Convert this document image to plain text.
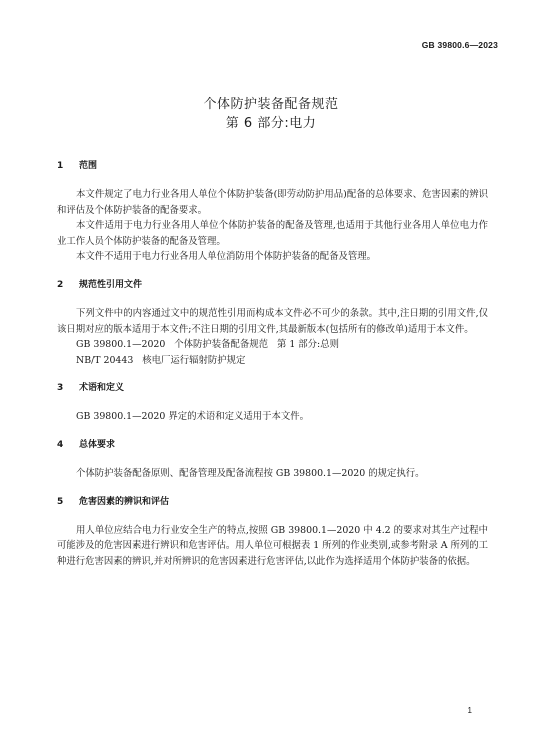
GB 39800.6—2023
个体防护装备配备规范
第 6 部分:电力
1	范围

本文件规定了电力行业各用人单位个体防护装备(即劳动防护用品)配备的总体要求、危害因素的辨识和评估及个体防护装备的配备要求。

本文件适用于电力行业各用人单位个体防护装备的配备及管理,也适用于其他行业各用人单位电力作业工作人员个体防护装备的配备及管理。

本文件不适用于电力行业各用人单位消防用个体防护装备的配备及管理。

2	规范性引用文件

下列文件中的内容通过文中的规范性引用而构成本文件必不可少的条款。其中,注日期的引用文件,仅该日期对应的版本适用于本文件;不注日期的引用文件,其最新版本(包括所有的修改单)适用于本文件。

GB 39800.1—2020   个体防护装备配备规范   第 1 部分:总则
NB/T 20443   核电厂运行辐射防护规定
3	术语和定义

GB 39800.1—2020 界定的术语和定义适用于本文件。

4	总体要求

个体防护装备配备原则、配备管理及配备流程按 GB 39800.1—2020 的规定执行。

5	危害因素的辨识和评估

用人单位应结合电力行业安全生产的特点,按照 GB 39800.1—2020 中 4.2 的要求对其生产过程中可能涉及的危害因素进行辨识和危害评估。用人单位可根据表 1 所列的作业类别,或参考附录 A 所列的工种进行危害因素的辨识,并对所辨识的危害因素进行危害评估,以此作为选择适用个体防护装备的依据。

1
